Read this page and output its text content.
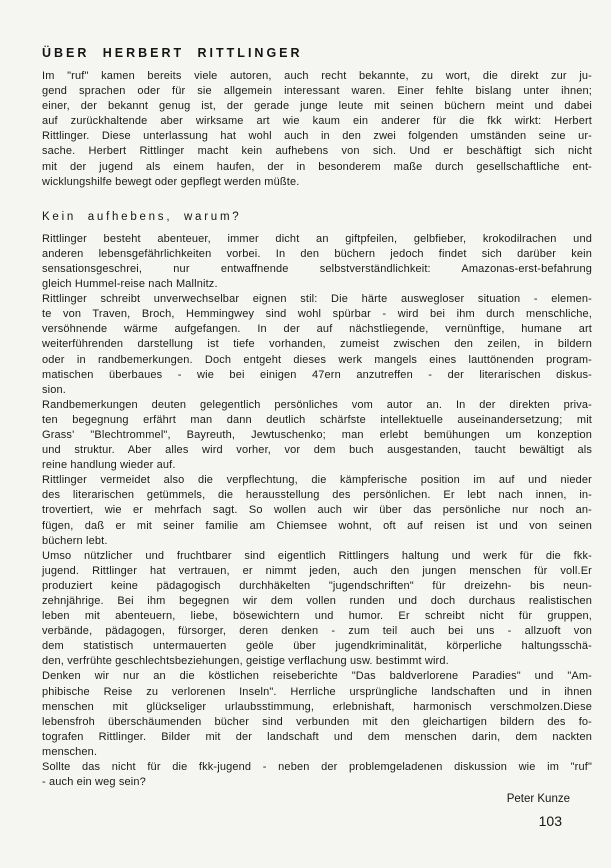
ÜBER HERBERT RITTLINGER
Im "ruf" kamen bereits viele autoren, auch recht bekannte, zu wort, die direkt zur ju-
gend sprachen oder für sie allgemein interessant waren. Einer fehlte bislang unter ihnen;
einer, der bekannt genug ist, der gerade junge leute mit seinen büchern meint und dabei
auf zurückhaltende aber wirksame art wie kaum ein anderer für die fkk wirkt: Herbert
Rittlinger. Diese unterlassung hat wohl auch in den zwei folgenden umständen seine ur-
sache. Herbert Rittlinger macht kein aufhebens von sich. Und er beschäftigt sich nicht
mit der jugend als einem haufen, der in besonderem maße durch gesellschaftliche ent-
wicklungshilfe bewegt oder gepflegt werden müßte.
Kein aufhebens, warum?
Rittlinger besteht abenteuer, immer dicht an giftpfeilen, gelbfieber, krokodilrachen und
anderen lebensgefährlichkeiten vorbei. In den büchern jedoch findet sich darüber kein
sensationsgeschrei, nur entwaffnende selbstverständlichkeit: Amazonas-erst-befahrung
gleich Hummel-reise nach Mallnitz.
Rittlinger schreibt unverwechselbar eignen stil: Die härte auswegloser situation - elemen-
te von Traven, Broch, Hemmingwey sind wohl spürbar - wird bei ihm durch menschliche,
versöhnende wärme aufgefangen. In der auf nächstliegende, vernünftige, humane art
weiterführenden darstellung ist tiefe vorhanden, zumeist zwischen den zeilen, in bildern
oder in randbemerkungen. Doch entgeht dieses werk mangels eines lauttönenden program-
matischen überbaues - wie bei einigen 47ern anzutreffen - der literarischen diskus-
sion.
Randbemerkungen deuten gelegentlich persönliches vom autor an. In der direkten priva-
ten begegnung erfährt man dann deutlich schärfste intellektuelle auseinandersetzung; mit
Grass' "Blechtrommel", Bayreuth, Jewtuschenko; man erlebt bemühungen um konzeption
und struktur. Aber alles wird vorher, vor dem buch ausgestanden, taucht bewältigt als
reine handlung wieder auf.
Rittlinger vermeidet also die verpflechtung, die kämpferische position im auf und nieder
des literarischen getümmels, die herausstellung des persönlichen. Er lebt nach innen, in-
trovertiert, wie er mehrfach sagt. So wollen auch wir über das persönliche nur noch an-
fügen, daß er mit seiner familie am Chiemsee wohnt, oft auf reisen ist und von seinen
büchern lebt.
Umso nützlicher und fruchtbarer sind eigentlich Rittlingers haltung und werk für die fkk-
jugend. Rittlinger hat vertrauen, er nimmt jeden, auch den jungen menschen für voll.Er
produziert keine pädagogisch durchhäkelten "jugendschriften" für dreizehn- bis neun-
zehnjährige. Bei ihm begegnen wir dem vollen runden und doch durchaus realistischen
leben mit abenteuern, liebe, bösewichtern und humor. Er schreibt nicht für gruppen,
verbände, pädagogen, fürsorger, deren denken - zum teil auch bei uns - allzuoft von
dem statistisch untermauerten geöle über jugendkriminalität, körperliche haltungsschä-
den, verfrühte geschlechtsbeziehungen, geistige verflachung usw. bestimmt wird.
Denken wir nur an die köstlichen reiseberichte "Das baldverlorene Paradies" und "Am-
phibische Reise zu verlorenen Inseln". Herrliche ursprüngliche landschaften und in ihnen
menschen mit glückseliger urlaubsstimmung, erlebnishaft, harmonisch verschmolzen.Diese
lebensfroh überschäumenden bücher sind verbunden mit den gleichartigen bildern des fo-
tografen Rittlinger. Bilder mit der landschaft und dem menschen darin, dem nackten
menschen.
Sollte das nicht für die fkk-jugend - neben der problemgeladenen diskussion wie im "ruf"
- auch ein weg sein?
Peter Kunze
103
